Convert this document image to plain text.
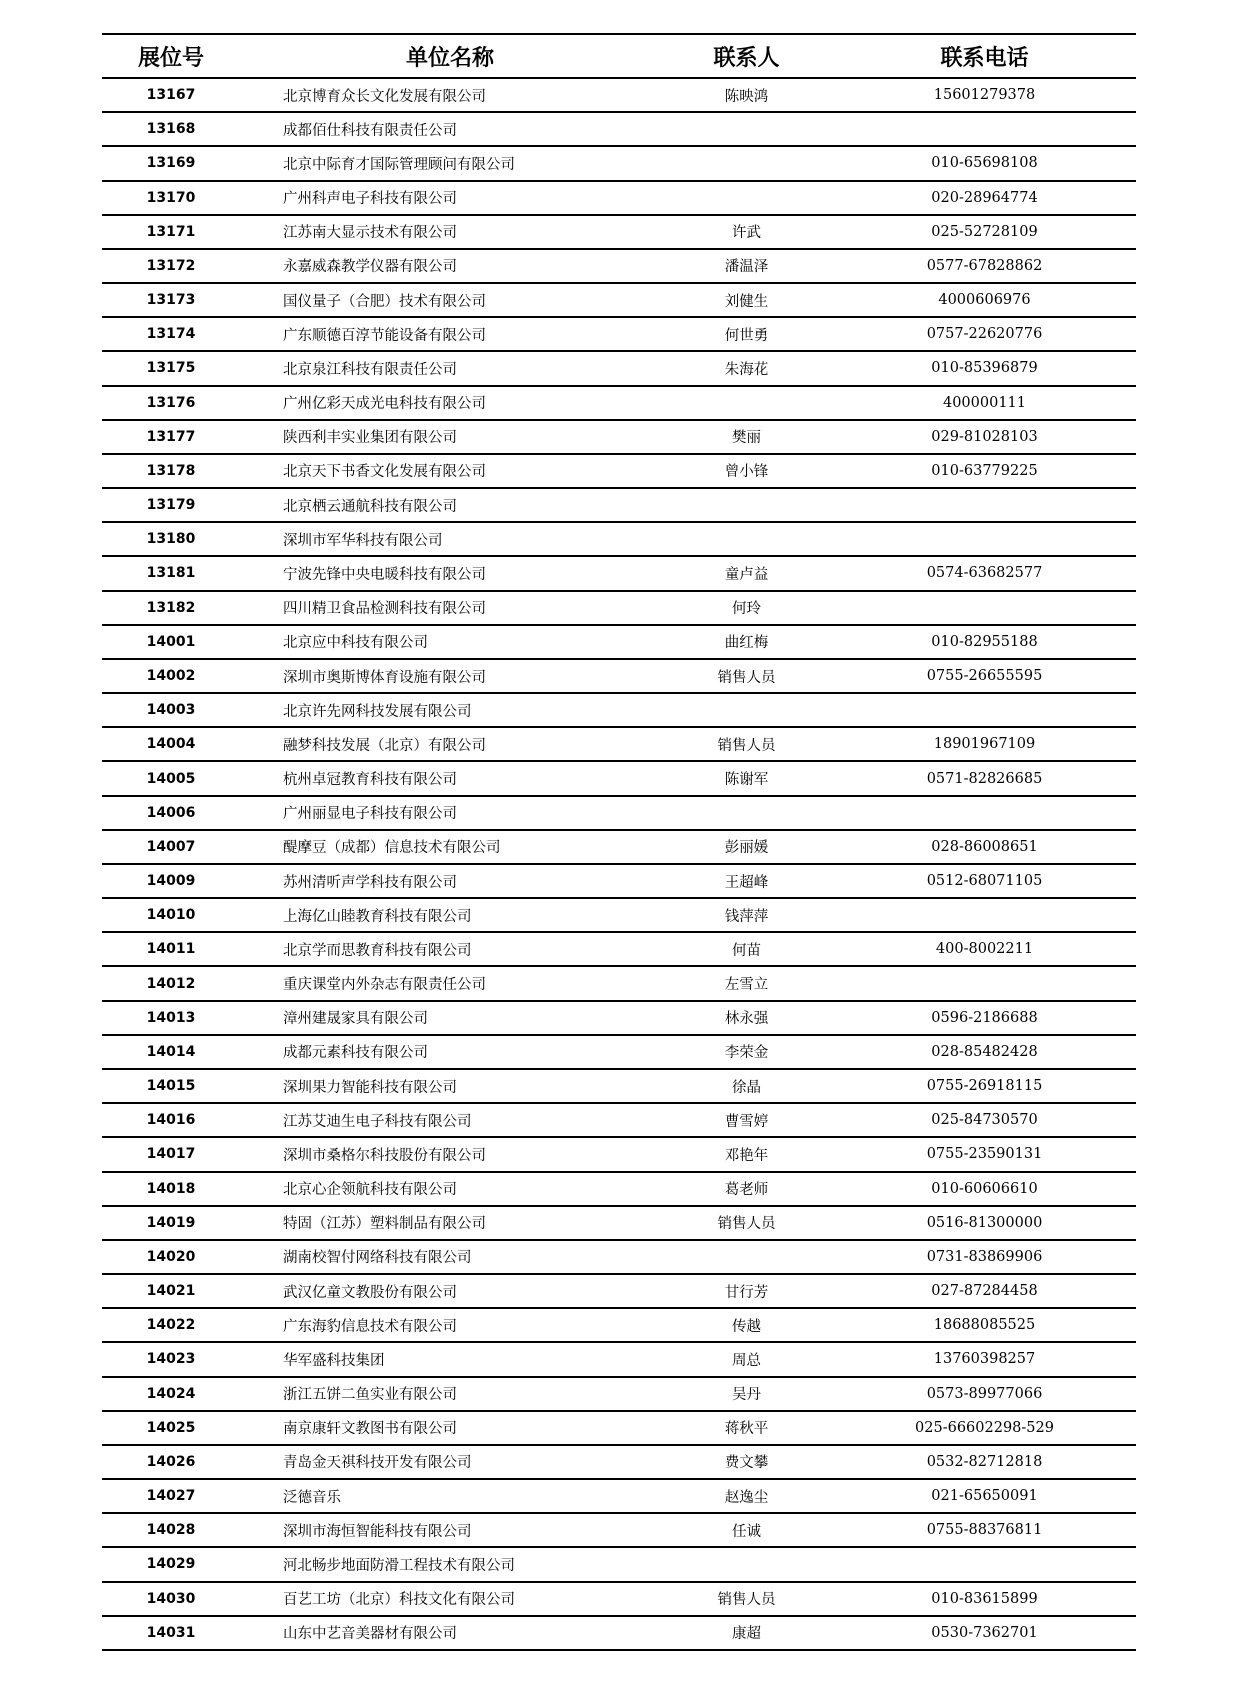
展位号	单位名称	联系人	联系电话
13167	北京博育众长文化发展有限公司	陈映鸿	15601279378
13168	成都佰仕科技有限责任公司		
13169	北京中际育才国际管理顾问有限公司		010-65698108
13170	广州科声电子科技有限公司		020-28964774
13171	江苏南大显示技术有限公司	许武	025-52728109
13172	永嘉威森教学仪器有限公司	潘温泽	0577-67828862
13173	国仪量子（合肥）技术有限公司	刘健生	4000606976
13174	广东顺德百淳节能设备有限公司	何世勇	0757-22620776
13175	北京泉江科技有限责任公司	朱海花	010-85396879
13176	广州亿彩天成光电科技有限公司		400000111
13177	陕西利丰实业集团有限公司	樊丽	029-81028103
13178	北京天下书香文化发展有限公司	曾小锋	010-63779225
13179	北京栖云通航科技有限公司		
13180	深圳市军华科技有限公司		
13181	宁波先锋中央电暖科技有限公司	童卢益	0574-63682577
13182	四川精卫食品检测科技有限公司	何玲	
14001	北京应中科技有限公司	曲红梅	010-82955188
14002	深圳市奥斯博体育设施有限公司	销售人员	0755-26655595
14003	北京许先网科技发展有限公司		
14004	融梦科技发展（北京）有限公司	销售人员	18901967109
14005	杭州卓冠教育科技有限公司	陈谢军	0571-82826685
14006	广州丽显电子科技有限公司		
14007	醍摩豆（成都）信息技术有限公司	彭丽媛	028-86008651
14009	苏州清听声学科技有限公司	王超峰	0512-68071105
14010	上海亿山睦教育科技有限公司	钱萍萍	
14011	北京学而思教育科技有限公司	何苗	400-8002211
14012	重庆课堂内外杂志有限责任公司	左雪立	
14013	漳州建晟家具有限公司	林永强	0596-2186688
14014	成都元素科技有限公司	李荣金	028-85482428
14015	深圳果力智能科技有限公司	徐晶	0755-26918115
14016	江苏艾迪生电子科技有限公司	曹雪婷	025-84730570
14017	深圳市桑格尔科技股份有限公司	邓艳年	0755-23590131
14018	北京心企领航科技有限公司	葛老师	010-60606610
14019	特固（江苏）塑料制品有限公司	销售人员	0516-81300000
14020	湖南校智付网络科技有限公司		0731-83869906
14021	武汉亿童文教股份有限公司	甘行芳	027-87284458
14022	广东海豹信息技术有限公司	传越	18688085525
14023	华军盛科技集团	周总	13760398257
14024	浙江五饼二鱼实业有限公司	吴丹	0573-89977066
14025	南京康轩文教图书有限公司	蒋秋平	025-66602298-529
14026	青岛金天祺科技开发有限公司	费文攀	0532-82712818
14027	泛德音乐	赵逸尘	021-65650091
14028	深圳市海恒智能科技有限公司	任诚	0755-88376811
14029	河北畅步地面防滑工程技术有限公司		
14030	百艺工坊（北京）科技文化有限公司	销售人员	010-83615899
14031	山东中艺音美器材有限公司	康超	0530-7362701
